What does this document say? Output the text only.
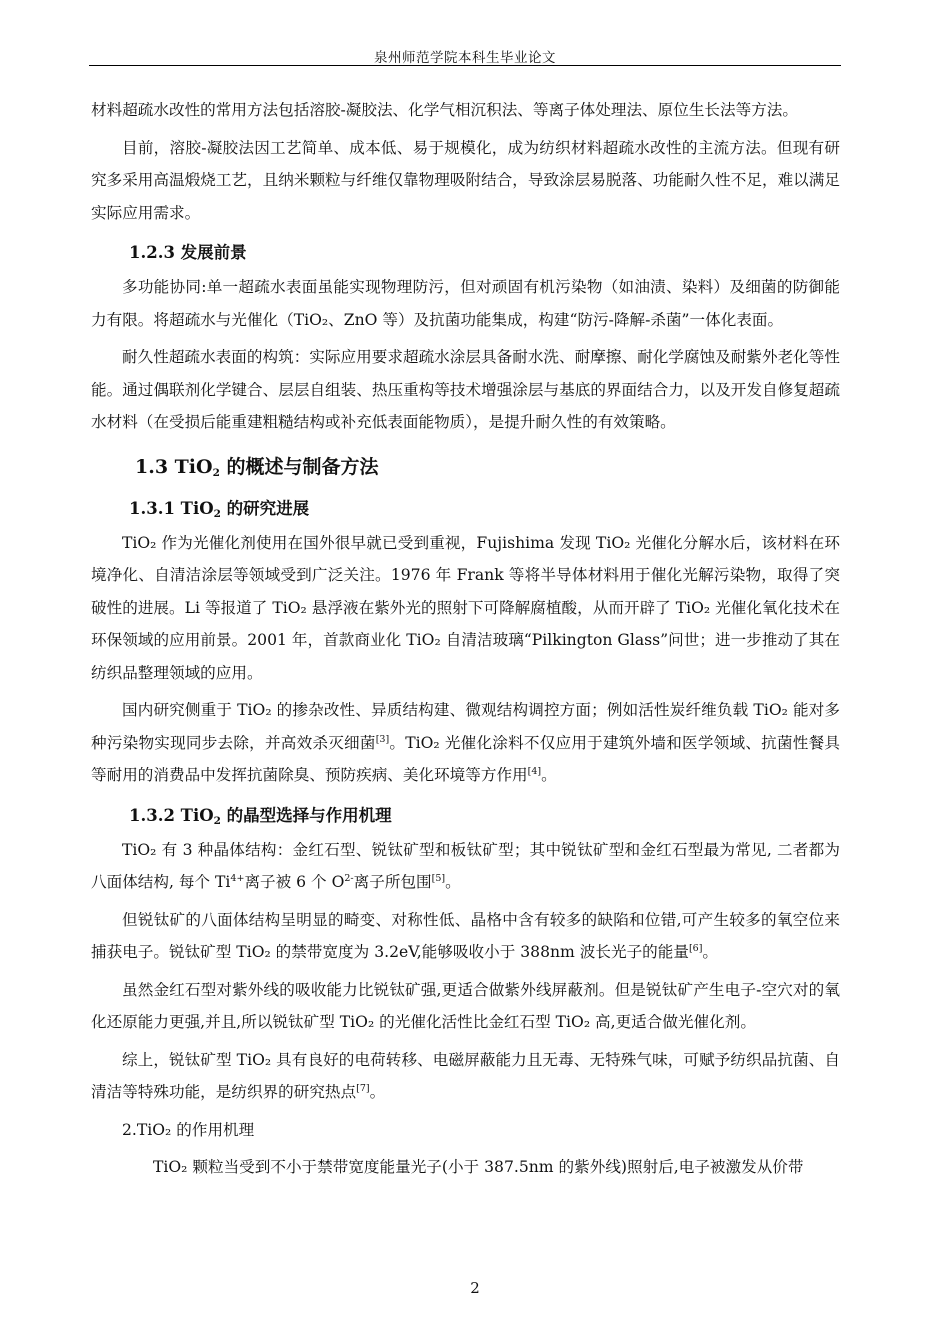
泉州师范学院本科生毕业论文

材料超疏水改性的常用方法包括溶胶-凝胶法、化学气相沉积法、等离子体处理法、原位生长法等方法。

目前，溶胶-凝胶法因工艺简单、成本低、易于规模化，成为纺织材料超疏水改性的主流方法。但现有研究多采用高温煅烧工艺，且纳米颗粒与纤维仅靠物理吸附结合，导致涂层易脱落、功能耐久性不足，难以满足实际应用需求。

1.2.3 发展前景

多功能协同:单一超疏水表面虽能实现物理防污，但对顽固有机污染物（如油渍、染料）及细菌的防御能力有限。将超疏水与光催化（TiO₂、ZnO 等）及抗菌功能集成，构建“防污-降解-杀菌”一体化表面。

耐久性超疏水表面的构筑：实际应用要求超疏水涂层具备耐水洗、耐摩擦、耐化学腐蚀及耐紫外老化等性能。通过偶联剂化学键合、层层自组装、热压重构等技术增强涂层与基底的界面结合力，以及开发自修复超疏水材料（在受损后能重建粗糙结构或补充低表面能物质），是提升耐久性的有效策略。

1.3 TiO$_2$ 的概述与制备方法
1.3.1 TiO$_2$ 的研究进展

TiO₂ 作为光催化剂使用在国外很早就已受到重视，Fujishima 发现 TiO₂ 光催化分解水后，该材料在环境净化、自清洁涂层等领域受到广泛关注。1976 年 Frank 等将半导体材料用于催化光解污染物，取得了突破性的进展。Li 等报道了 TiO₂ 悬浮液在紫外光的照射下可降解腐植酸，从而开辟了 TiO₂ 光催化氧化技术在环保领域的应用前景。2001 年，首款商业化 TiO₂ 自清洁玻璃“Pilkington Glass”问世；进一步推动了其在纺织品整理领域的应用。

国内研究侧重于 TiO₂ 的掺杂改性、异质结构建、微观结构调控方面；例如活性炭纤维负载 TiO₂ 能对多种污染物实现同步去除，并高效杀灭细菌[3]。TiO₂ 光催化涂料不仅应用于建筑外墙和医学领域、抗菌性餐具等耐用的消费品中发挥抗菌除臭、预防疾病、美化环境等方作用[4]。

1.3.2 TiO$_2$ 的晶型选择与作用机理

TiO₂ 有 3 种晶体结构：金红石型、锐钛矿型和板钛矿型；其中锐钛矿型和金红石型最为常见, 二者都为八面体结构, 每个 $Ti^{4+}$离子被 6 个 $O^{2-}$离子所包围[5]。

但锐钛矿的八面体结构呈明显的畸变、对称性低、晶格中含有较多的缺陷和位错,可产生较多的氧空位来捕获电子。锐钛矿型 TiO₂ 的禁带宽度为 3.2eV,能够吸收小于 388nm 波长光子的能量[6]。

虽然金红石型对紫外线的吸收能力比锐钛矿强,更适合做紫外线屏蔽剂。但是锐钛矿产生电子-空穴对的氧化还原能力更强,并且,所以锐钛矿型 TiO₂ 的光催化活性比金红石型 TiO₂ 高,更适合做光催化剂。

综上，锐钛矿型 TiO₂ 具有良好的电荷转移、电磁屏蔽能力且无毒、无特殊气味，可赋予纺织品抗菌、自清洁等特殊功能，是纺织界的研究热点[7]。

2.TiO₂ 的作用机理

TiO₂ 颗粒当受到不小于禁带宽度能量光子(小于 387.5nm 的紫外线)照射后,电子被激发从价带

2
